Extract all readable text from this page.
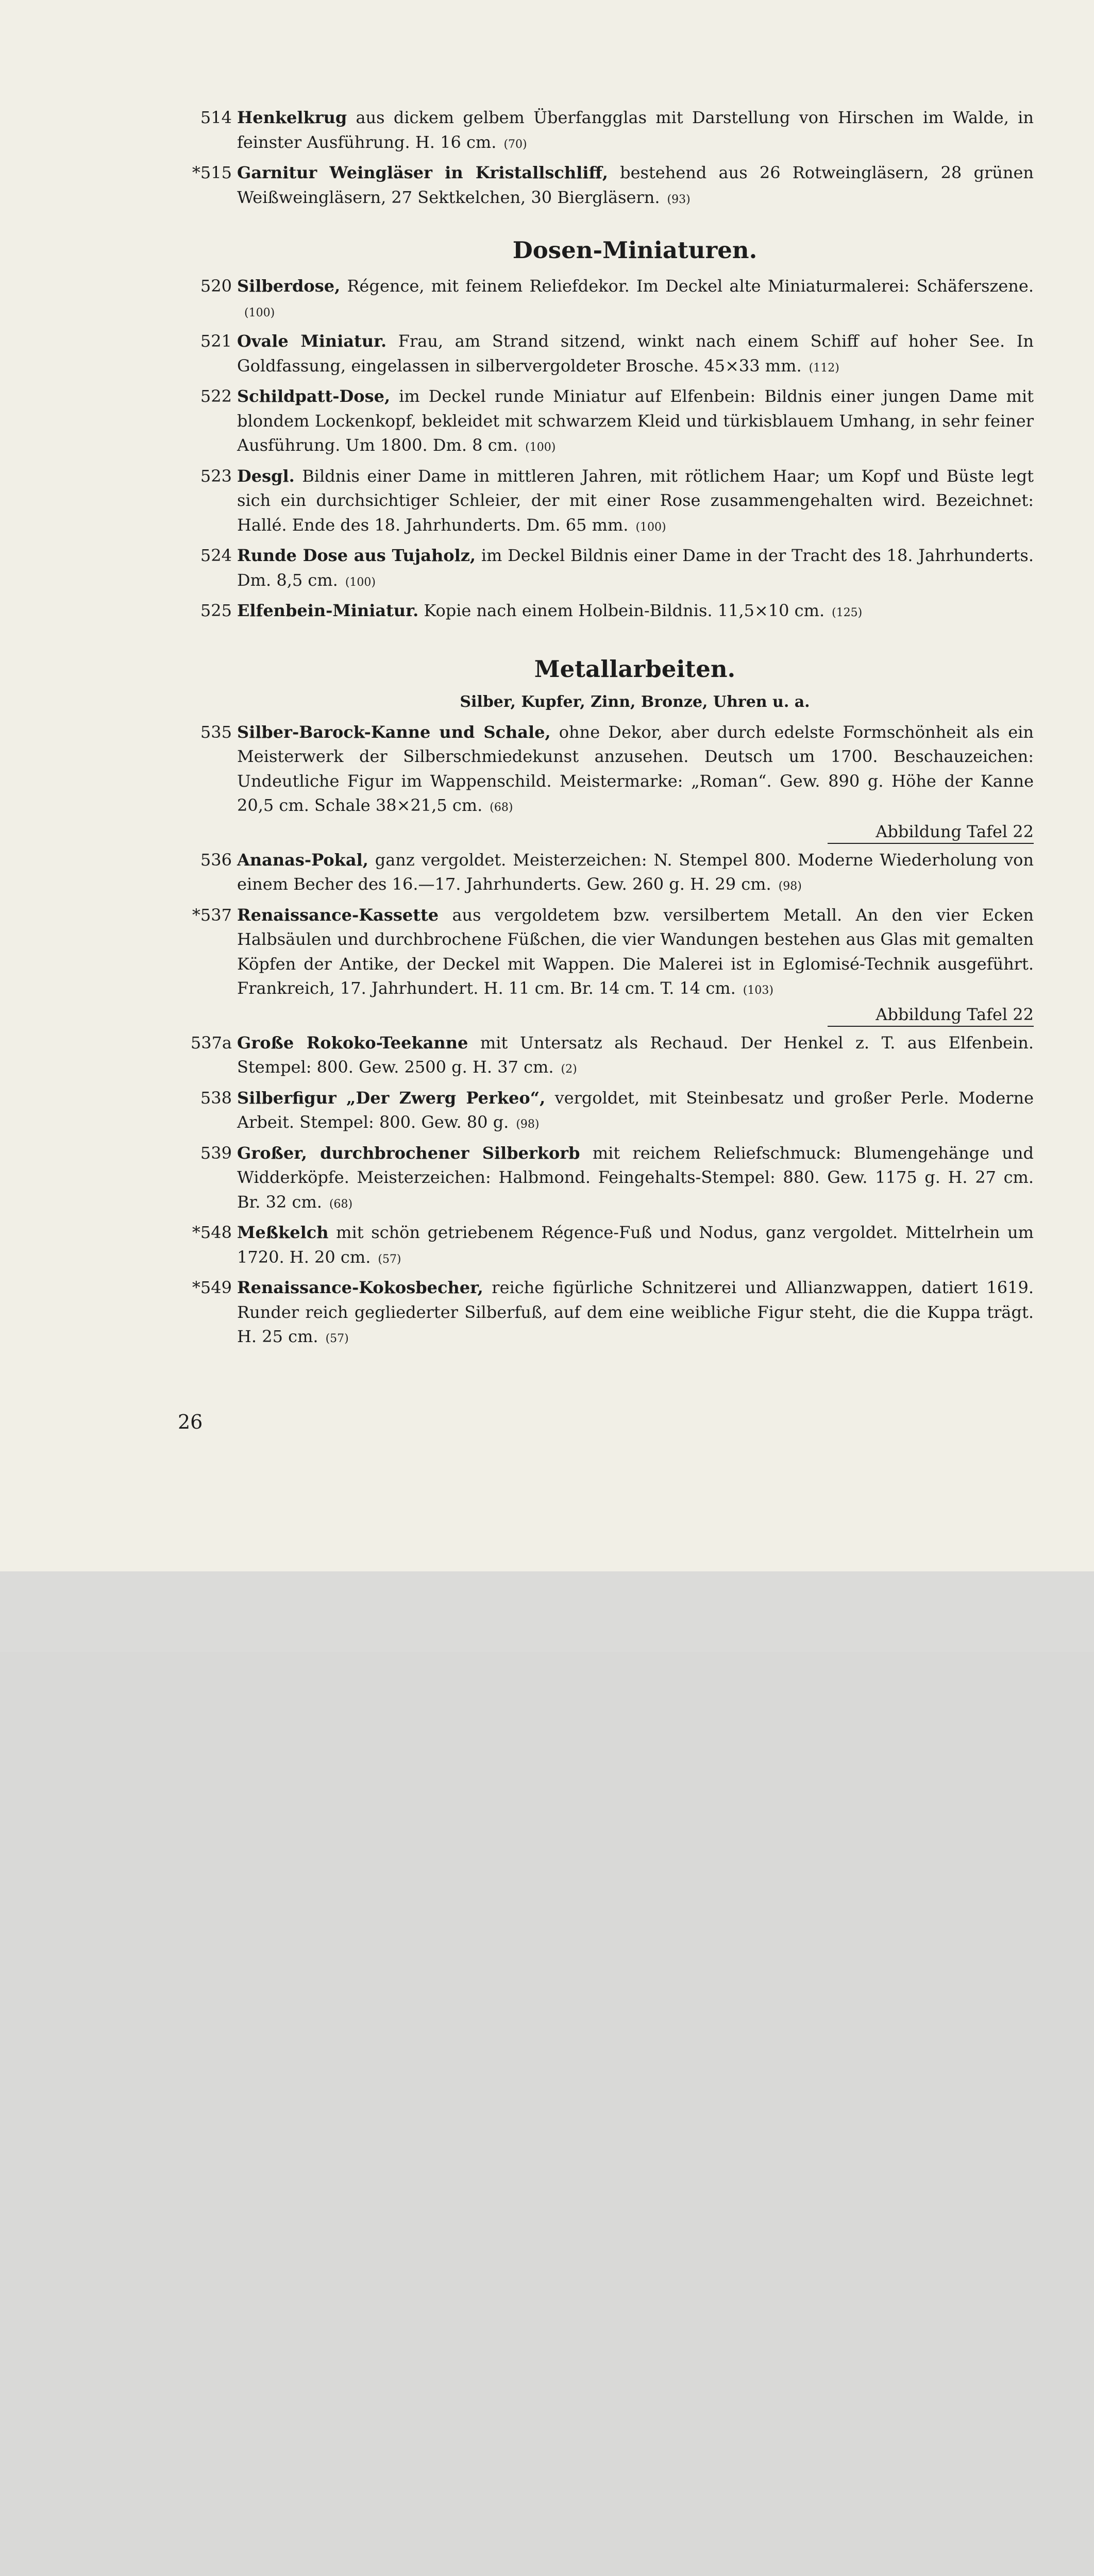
514 Henkelkrug aus dickem gelbem Überfangglas mit Darstellung von Hirschen im Walde, in feinster Ausführung. H. 16 cm. (70)
*515 Garnitur Weingläser in Kristallschliff, bestehend aus 26 Rotweingläsern, 28 grünen Weißweingläsern, 27 Sektkelchen, 30 Biergläsern. (93)
Dosen-Miniaturen.
520 Silberdose, Régence, mit feinem Reliefdekor. Im Deckel alte Miniaturmalerei: Schäferszene.(100)
521 Ovale Miniatur. Frau, am Strand sitzend, winkt nach einem Schiff auf hoher See. In Goldfassung, eingelassen in silbervergoldeter Brosche. 45×33 mm. (112)
522 Schildpatt-Dose, im Deckel runde Miniatur auf Elfenbein: Bildnis einer jungen Dame mit blondem Lockenkopf, bekleidet mit schwarzem Kleid und türkisblauem Umhang, in sehr feiner Ausführung. Um 1800. Dm. 8 cm. (100)
523 Desgl. Bildnis einer Dame in mittleren Jahren, mit rötlichem Haar; um Kopf und Büste legt sich ein durchsichtiger Schleier, der mit einer Rose zusammengehalten wird. Bezeichnet: Hallé. Ende des 18. Jahrhunderts. Dm. 65 mm. (100)
524 Runde Dose aus Tujaholz, im Deckel Bildnis einer Dame in der Tracht des 18. Jahrhunderts. Dm. 8,5 cm. (100)
525 Elfenbein-Miniatur. Kopie nach einem Holbein-Bildnis. 11,5×10 cm. (125)
Metallarbeiten.
Silber, Kupfer, Zinn, Bronze, Uhren u. a.
535 Silber-Barock-Kanne und Schale, ohne Dekor, aber durch edelste Formschönheit als ein Meisterwerk der Silberschmiedekunst anzusehen. Deutsch um 1700. Beschauzeichen: Undeutliche Figur im Wappenschild. Meistermarke: „Roman“. Gew. 890 g. Höhe der Kanne 20,5 cm. Schale 38×21,5 cm. (68)
Abbildung Tafel 22
536 Ananas-Pokal, ganz vergoldet. Meisterzeichen: N. Stempel 800. Moderne Wiederholung von einem Becher des 16.—17. Jahrhunderts. Gew. 260 g. H. 29 cm. (98)
*537 Renaissance-Kassette aus vergoldetem bzw. versilbertem Metall. An den vier Ecken Halbsäulen und durchbrochene Füßchen, die vier Wandungen bestehen aus Glas mit gemalten Köpfen der Antike, der Deckel mit Wappen. Die Malerei ist in Eglomisé-Technik ausgeführt. Frankreich, 17. Jahrhundert. H. 11 cm. Br. 14 cm. T. 14 cm. (103)
Abbildung Tafel 22
537a Große Rokoko-Teekanne mit Untersatz als Rechaud. Der Henkel z. T. aus Elfenbein. Stempel: 800. Gew. 2500 g. H. 37 cm. (2)
538 Silberfigur „Der Zwerg Perkeo“, vergoldet, mit Steinbesatz und großer Perle. Moderne Arbeit. Stempel: 800. Gew. 80 g. (98)
539 Großer, durchbrochener Silberkorb mit reichem Reliefschmuck: Blumengehänge und Widderköpfe. Meisterzeichen: Halbmond. Feingehalts-Stempel: 880. Gew. 1175 g. H. 27 cm. Br. 32 cm. (68)
*548 Meßkelch mit schön getriebenem Régence-Fuß und Nodus, ganz vergoldet. Mittelrhein um 1720. H. 20 cm. (57)
*549 Renaissance-Kokosbecher, reiche figürliche Schnitzerei und Allianzwappen, datiert 1619. Runder reich gegliederter Silberfuß, auf dem eine weibliche Figur steht, die die Kuppa trägt. H. 25 cm. (57)
26
